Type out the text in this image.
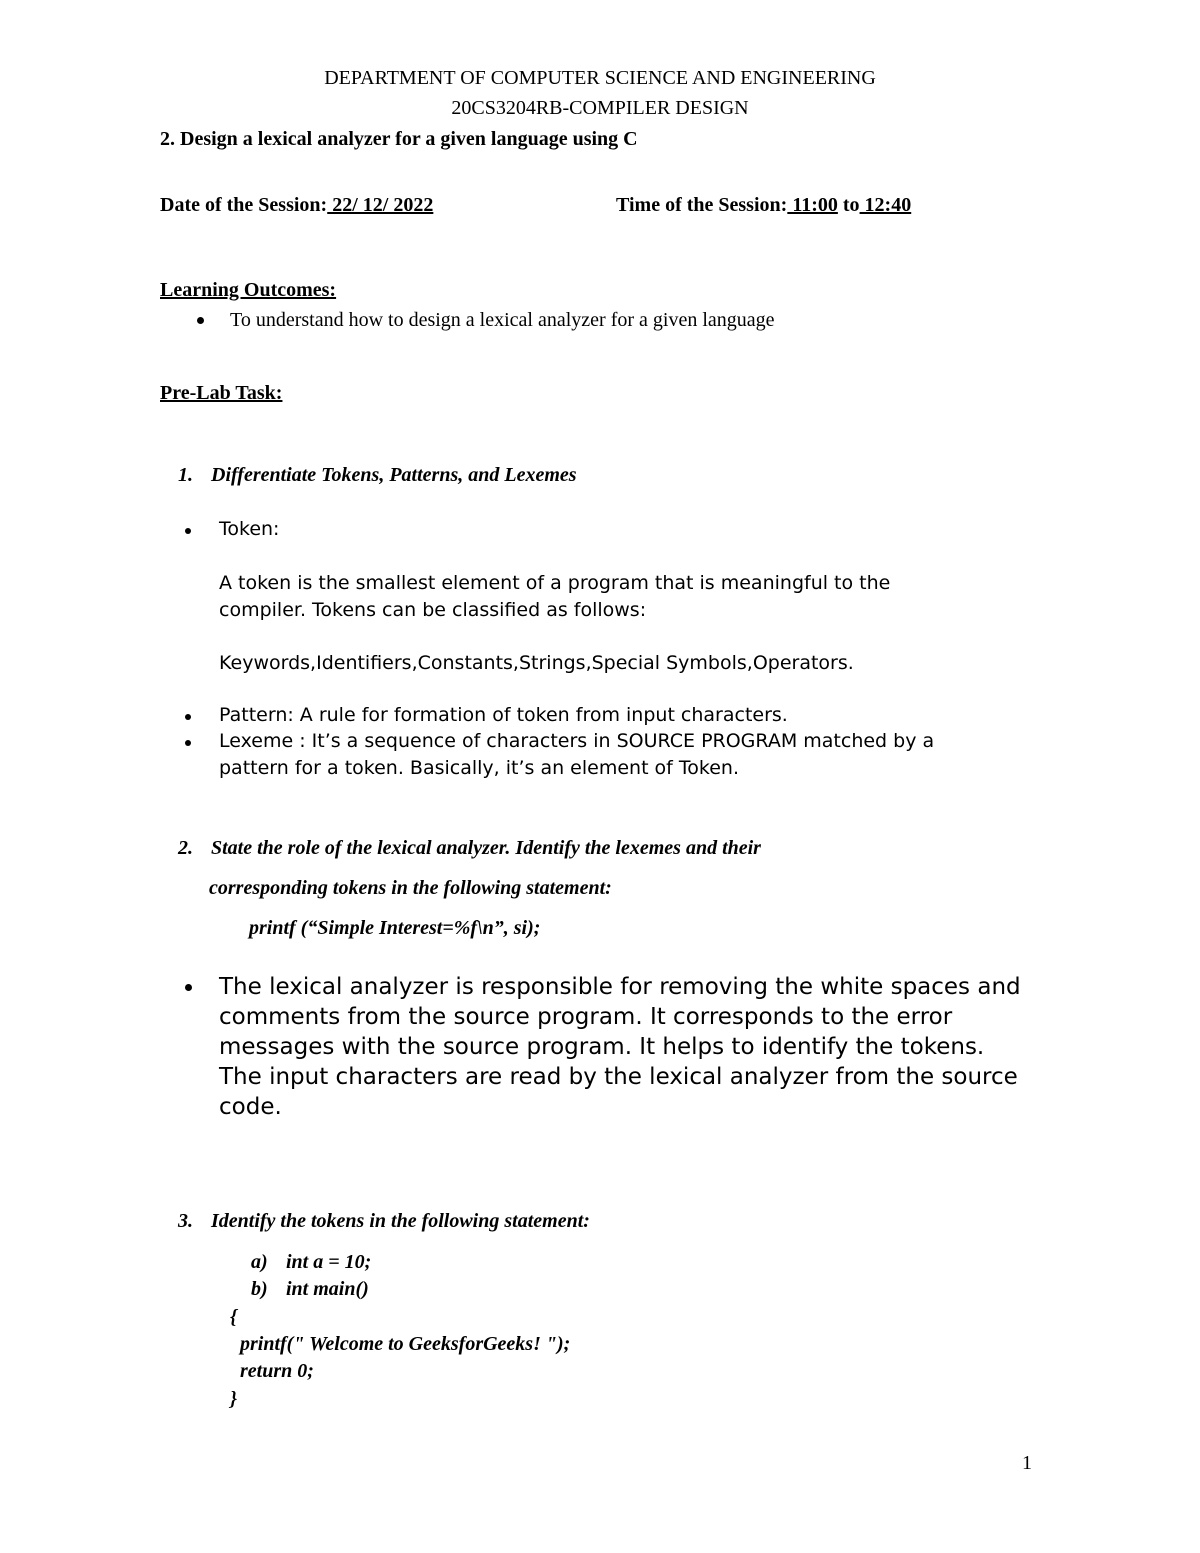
DEPARTMENT OF COMPUTER SCIENCE AND ENGINEERING
20CS3204RB-COMPILER DESIGN
2. Design a lexical analyzer for a given language using C
Date of the Session: 22/ 12/ 2022	Time of the Session: 11:00 to 12:40
Learning Outcomes:
To understand how to design a lexical analyzer for a given language
Pre-Lab Task:
1. Differentiate Tokens, Patterns, and Lexemes
Token:
A token is the smallest element of a program that is meaningful to the
compiler. Tokens can be classified as follows:
Keywords,Identifiers,Constants,Strings,Special Symbols,Operators.
Pattern: A rule for formation of token from input characters.
Lexeme : It’s a sequence of characters in SOURCE PROGRAM matched by a
pattern for a token. Basically, it’s an element of Token.
2. State the role of the lexical analyzer. Identify the lexemes and their
corresponding tokens in the following statement:
printf (“Simple Interest=%f\n”, si);
The lexical analyzer is responsible for removing the white spaces and
comments from the source program. It corresponds to the error
messages with the source program. It helps to identify the tokens.
The input characters are read by the lexical analyzer from the source
code.
3. Identify the tokens in the following statement:
a) int a = 10;
b) int main()
{
printf(" Welcome to GeeksforGeeks! ");
return 0;
}
1
